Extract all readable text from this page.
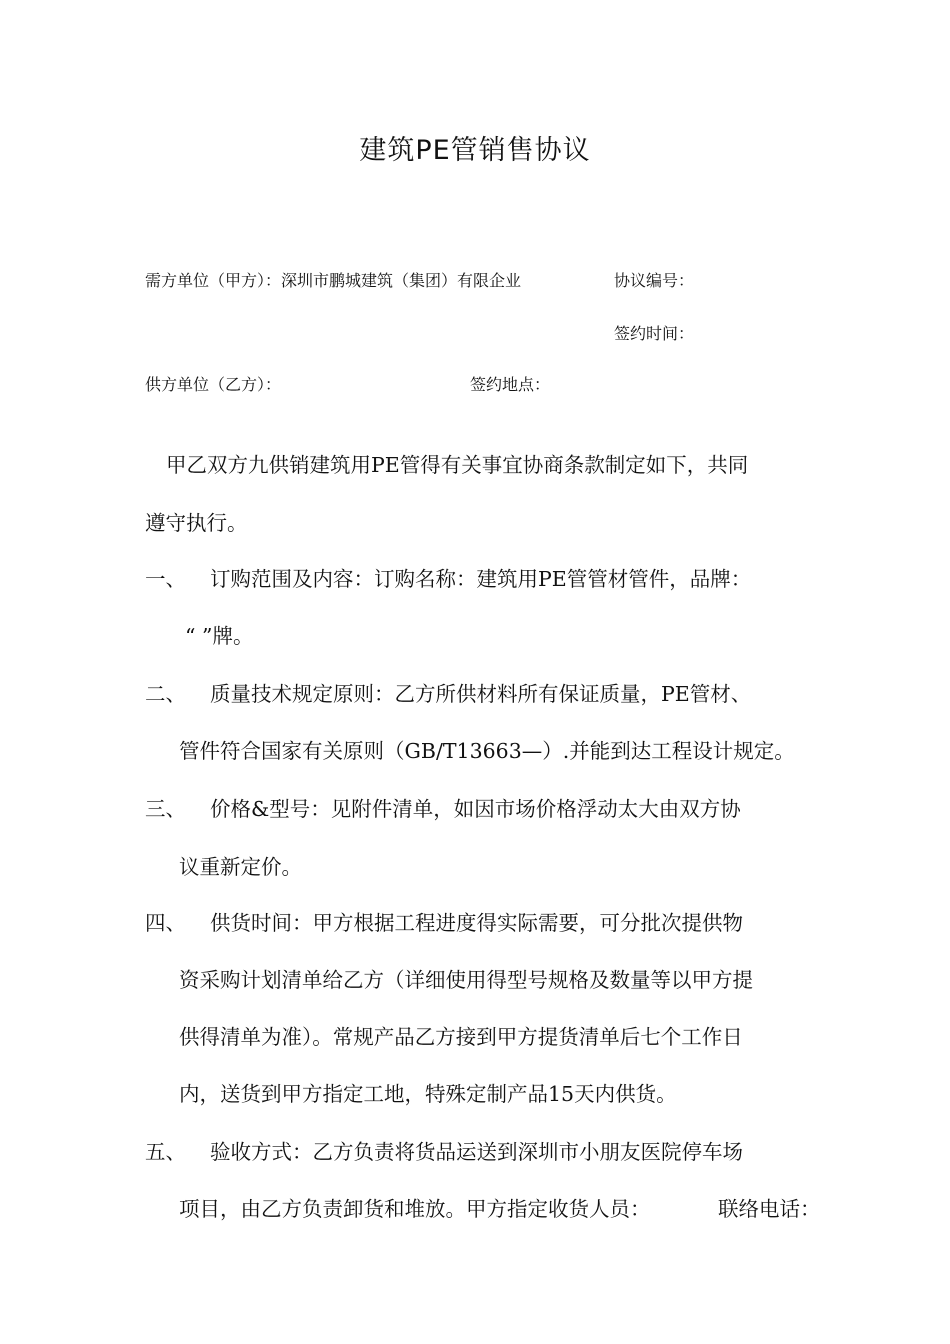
建筑PE管销售协议
需方单位（甲方）：深圳市鹏城建筑（集团）有限企业	协议编号：
签约时间：
供方单位（乙方）：	签约地点：
甲乙双方九供销建筑用PE管得有关事宜协商条款制定如下，共同
遵守执行。
一、 订购范围及内容：订购名称：建筑用PE管管材管件，品牌：
“ ”牌。
二、 质量技术规定原则：乙方所供材料所有保证质量，PE管材、
管件符合国家有关原则（GB/T13663—）.并能到达工程设计规定。
三、 价格&型号：见附件清单，如因市场价格浮动太大由双方协
议重新定价。
四、 供货时间：甲方根据工程进度得实际需要，可分批次提供物
资采购计划清单给乙方（详细使用得型号规格及数量等以甲方提
供得清单为准）。常规产品乙方接到甲方提货清单后七个工作日
内，送货到甲方指定工地，特殊定制产品15天内供货。
五、 验收方式：乙方负责将货品运送到深圳市小朋友医院停车场
项目，由乙方负责卸货和堆放。甲方指定收货人员：	联络电话：
